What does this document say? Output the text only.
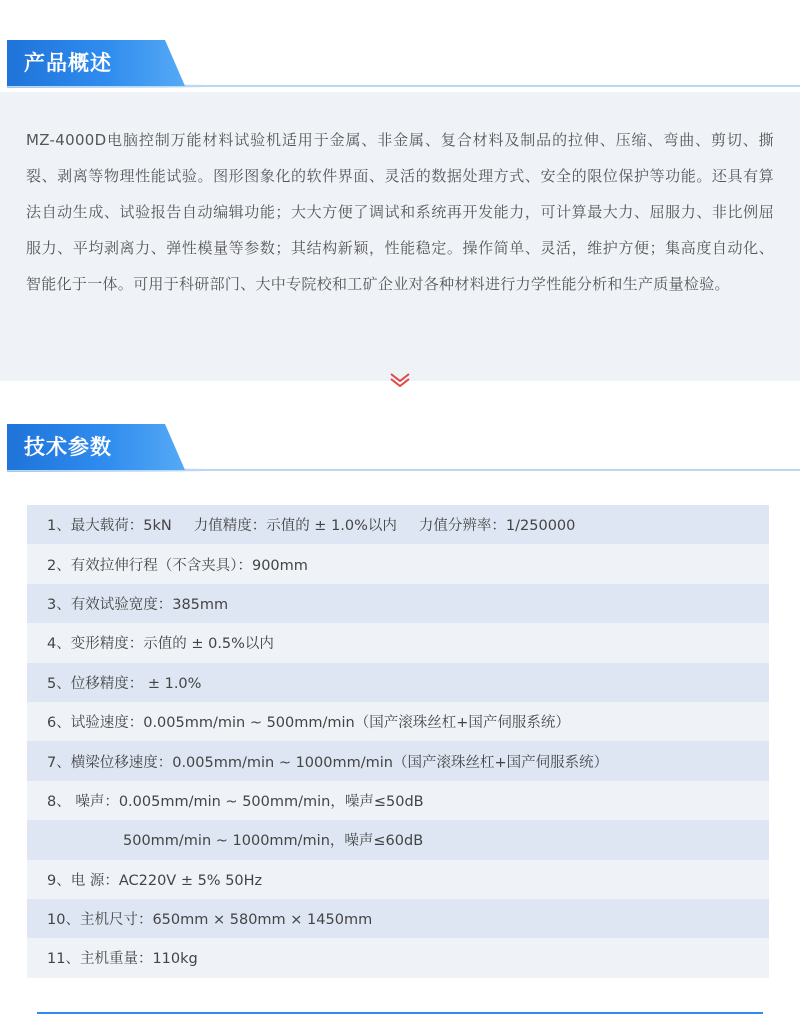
产品概述

MZ-4000D电脑控制万能材料试验机适用于金属、非金属、复合材料及制品的拉伸、压缩、弯曲、剪切、撕裂、剥离等物理性能试验。图形图象化的软件界面、灵活的数据处理方式、安全的限位保护等功能。还具有算法自动生成、试验报告自动编辑功能；大大方便了调试和系统再开发能力，可计算最大力、屈服力、非比例屈服力、平均剥离力、弹性模量等参数；其结构新颖，性能稳定。操作简单、灵活，维护方便；集高度自动化、智能化于一体。可用于科研部门、大中专院校和工矿企业对各种材料进行力学性能分析和生产质量检验。

技术参数
1、最大载荷：5kN 力值精度：示值的 ± 1.0%以内 力值分辨率：1/250000
2、有效拉伸行程（不含夹具）：900mm
3、有效试验宽度：385mm
4、变形精度：示值的 ± 0.5%以内
5、位移精度： ± 1.0%
6、试验速度：0.005mm/min ~ 500mm/min（国产滚珠丝杠+国产伺服系统）
7、横梁位移速度：0.005mm/min ~ 1000mm/min（国产滚珠丝杠+国产伺服系统）
8、 噪声：0.005mm/min ~ 500mm/min，噪声≤50dB
500mm/min ~ 1000mm/min，噪声≤60dB
9、电 源：AC220V ± 5% 50Hz
10、主机尺寸：650mm × 580mm × 1450mm
11、主机重量：110kg
